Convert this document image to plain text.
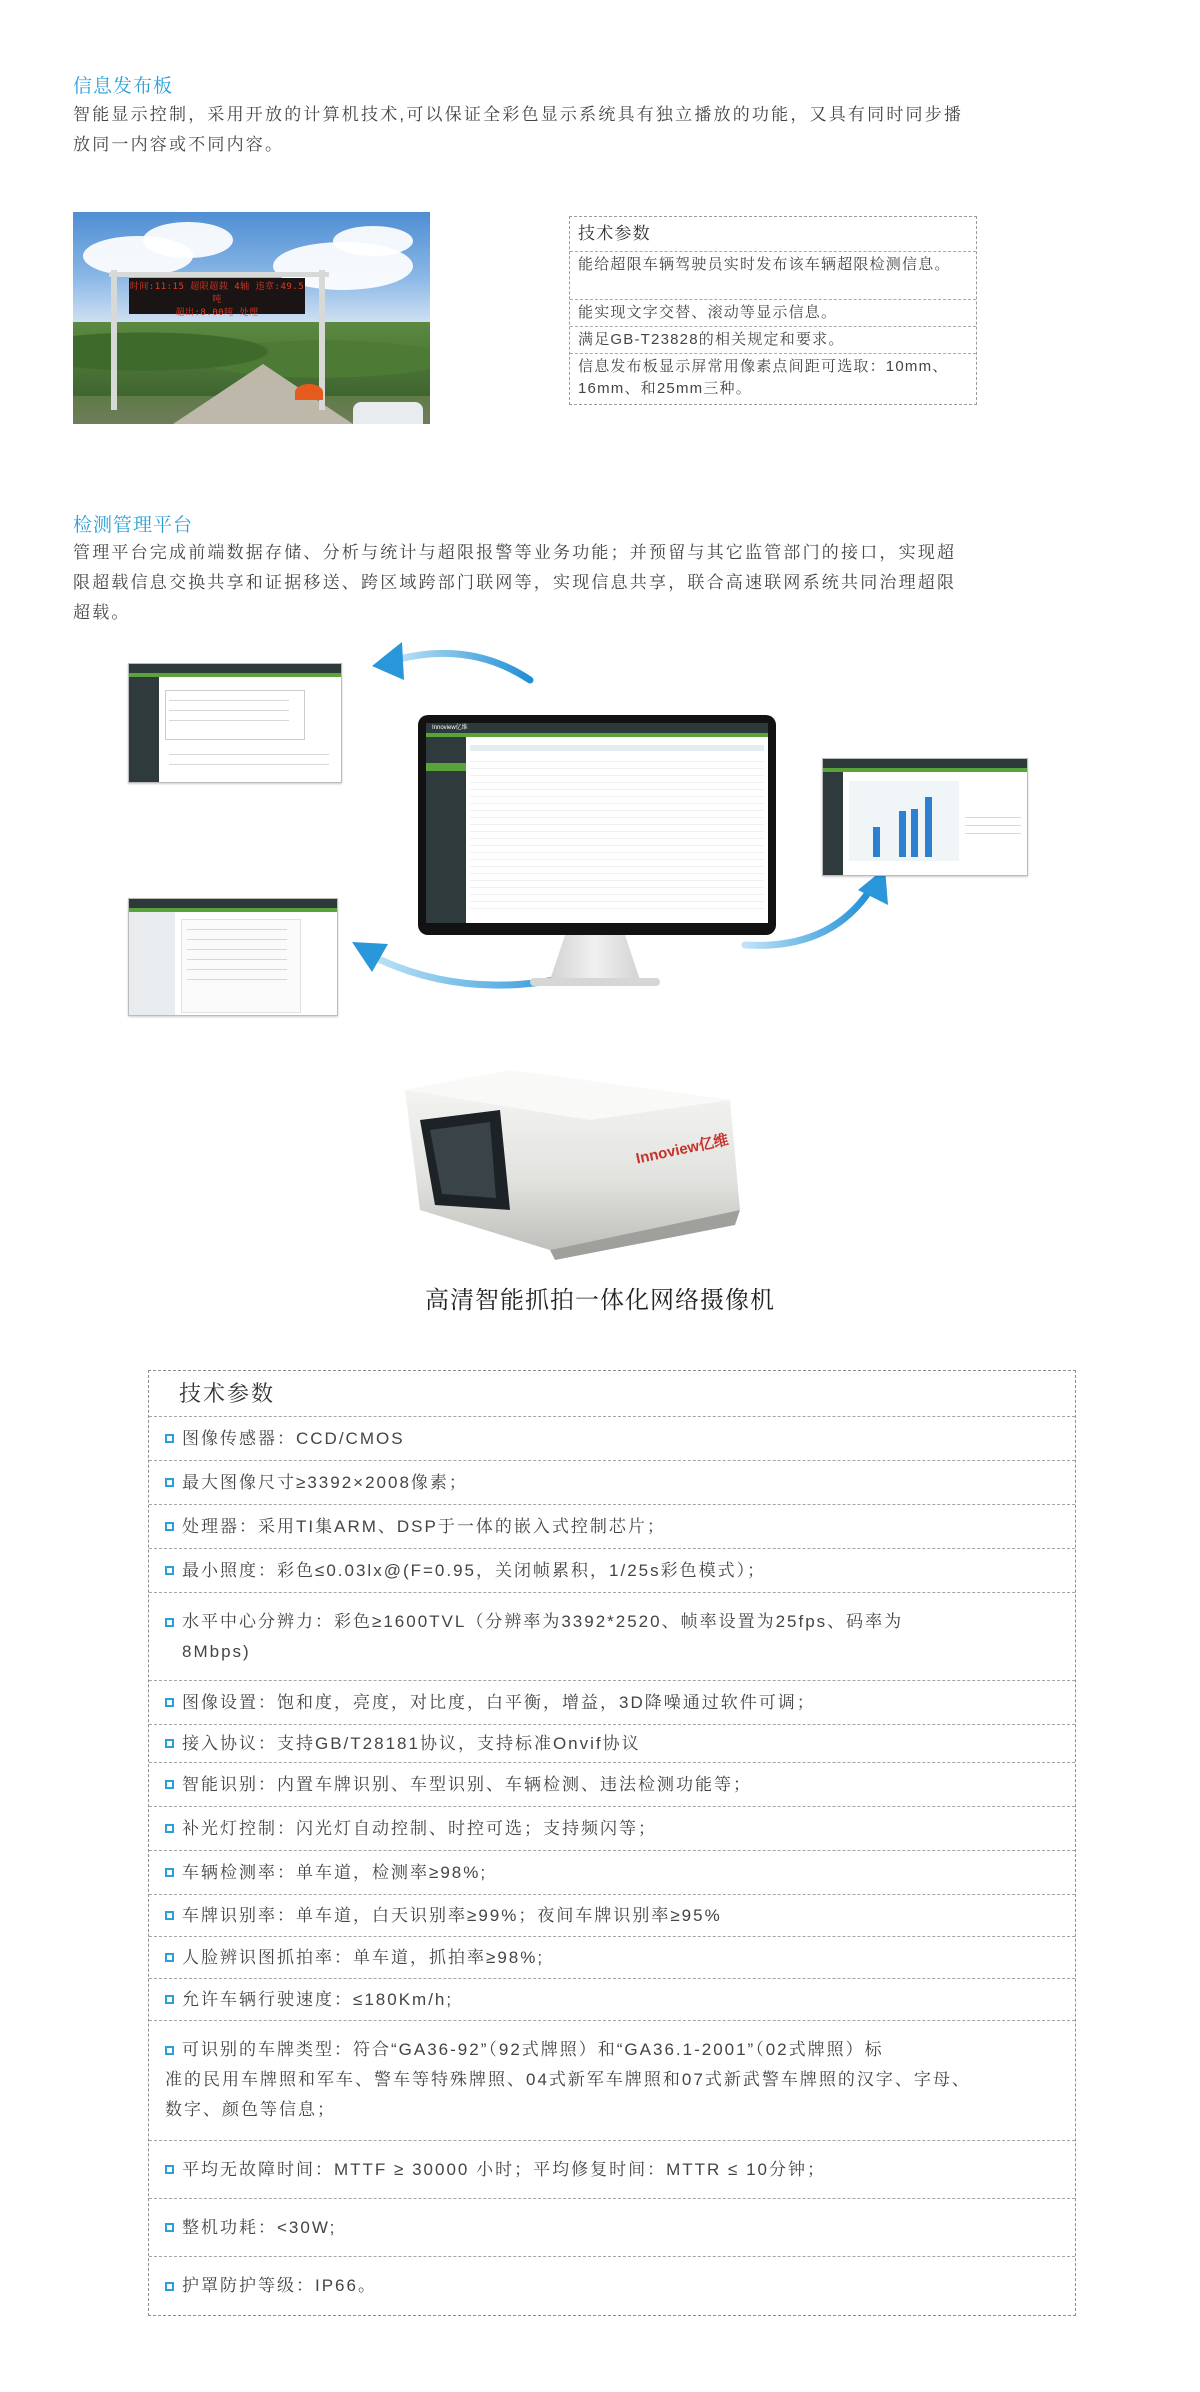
信息发布板
智能显示控制，采用开放的计算机技术,可以保证全彩色显示系统具有独立播放的功能，又具有同时同步播
放同一内容或不同内容。
时间:11:15 超限超载 4轴 违章:49.5吨
超出:8.00吨 处理
技术参数
能给超限车辆驾驶员实时发布该车辆超限检测信息。
能实现文字交替、滚动等显示信息。
满足GB-T23828的相关规定和要求。
信息发布板显示屏常用像素点间距可选取：10mm、16mm、和25mm三种。
检测管理平台
管理平台完成前端数据存储、分析与统计与超限报警等业务功能；并预留与其它监管部门的接口，实现超
限超载信息交换共享和证据移送、跨区域跨部门联网等，实现信息共享，联合高速联网系统共同治理超限
超载。
Innoview亿维
Innoview亿维
高清智能抓拍一体化网络摄像机
技术参数
图像传感器：CCD/CMOS
最大图像尺寸≥3392×2008像素；
处理器：采用TI集ARM、DSP于一体的嵌入式控制芯片；
最小照度：彩色≤0.03lx@(F=0.95，关闭帧累积，1/25s彩色模式）；
水平中心分辨力：彩色≥1600TVL（分辨率为3392*2520、帧率设置为25fps、码率为
8Mbps)
图像设置：饱和度，亮度，对比度，白平衡，增益，3D降噪通过软件可调；
接入协议：支持GB/T28181协议，支持标准Onvif协议
智能识别：内置车牌识别、车型识别、车辆检测、违法检测功能等；
补光灯控制：闪光灯自动控制、时控可选；支持频闪等；
车辆检测率：单车道，检测率≥98%;
车牌识别率：单车道，白天识别率≥99%；夜间车牌识别率≥95%
人脸辨识图抓拍率：单车道，抓拍率≥98%;
允许车辆行驶速度：≤180Km/h;
可识别的车牌类型：符合“GA36-92”（92式牌照）和“GA36.1-2001”（02式牌照）标
准的民用车牌照和军车、警车等特殊牌照、04式新军车牌照和07式新武警车牌照的汉字、字母、
数字、颜色等信息；
平均无故障时间：MTTF ≥ 30000 小时；平均修复时间：MTTR ≤ 10分钟；
整机功耗：<30W;
护罩防护等级：IP66。
